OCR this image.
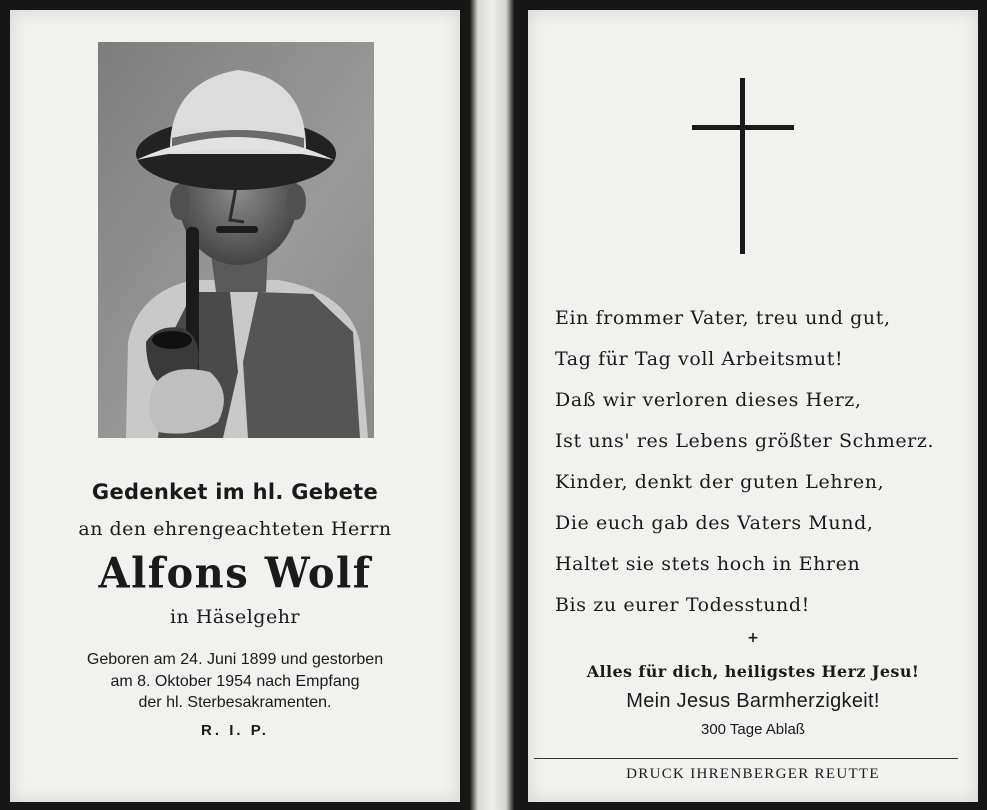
Gedenket im hl. Gebete
an den ehrengeachteten Herrn
Alfons Wolf
in Häselgehr
Geboren am 24. Juni 1899 und gestorben
am 8. Oktober 1954 nach Empfang
der hl. Sterbesakramenten.
R. I. P.
Ein frommer Vater, treu und gut,
Tag für Tag voll Arbeitsmut!
Daß wir verloren dieses Herz,
Ist uns' res Lebens größter Schmerz.
Kinder, denkt der guten Lehren,
Die euch gab des Vaters Mund,
Haltet sie stets hoch in Ehren
Bis zu eurer Todesstund!
+
Alles für dich, heiligstes Herz Jesu!
Mein Jesus Barmherzigkeit!
300 Tage Ablaß
DRUCK IHRENBERGER REUTTE
